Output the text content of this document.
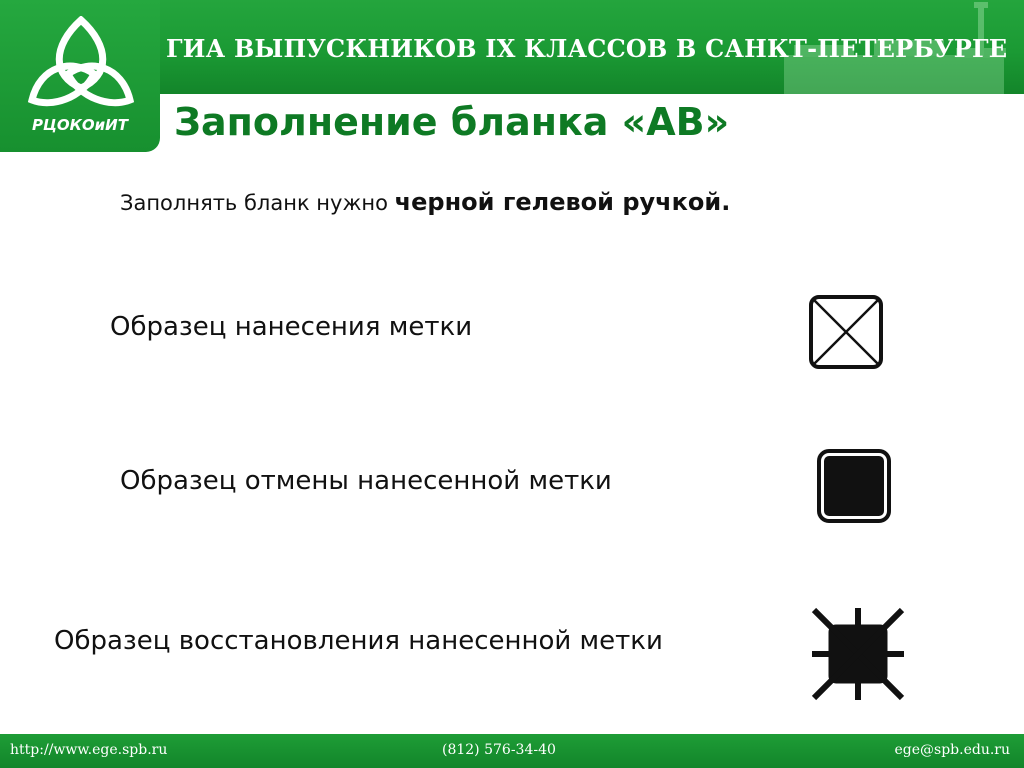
ГИА ВЫПУСКНИКОВ IX КЛАССОВ В САНКТ-ПЕТЕРБУРГЕ
РЦОКОиИТ	Заполнение бланка «АВ»
Заполнять бланк нужно черной гелевой ручкой.
Образец нанесения метки
Образец отмены нанесенной метки
Образец восстановления нанесенной метки
http://www.ege.spb.ru	(812) 576-34-40	ege@spb.edu.ru
